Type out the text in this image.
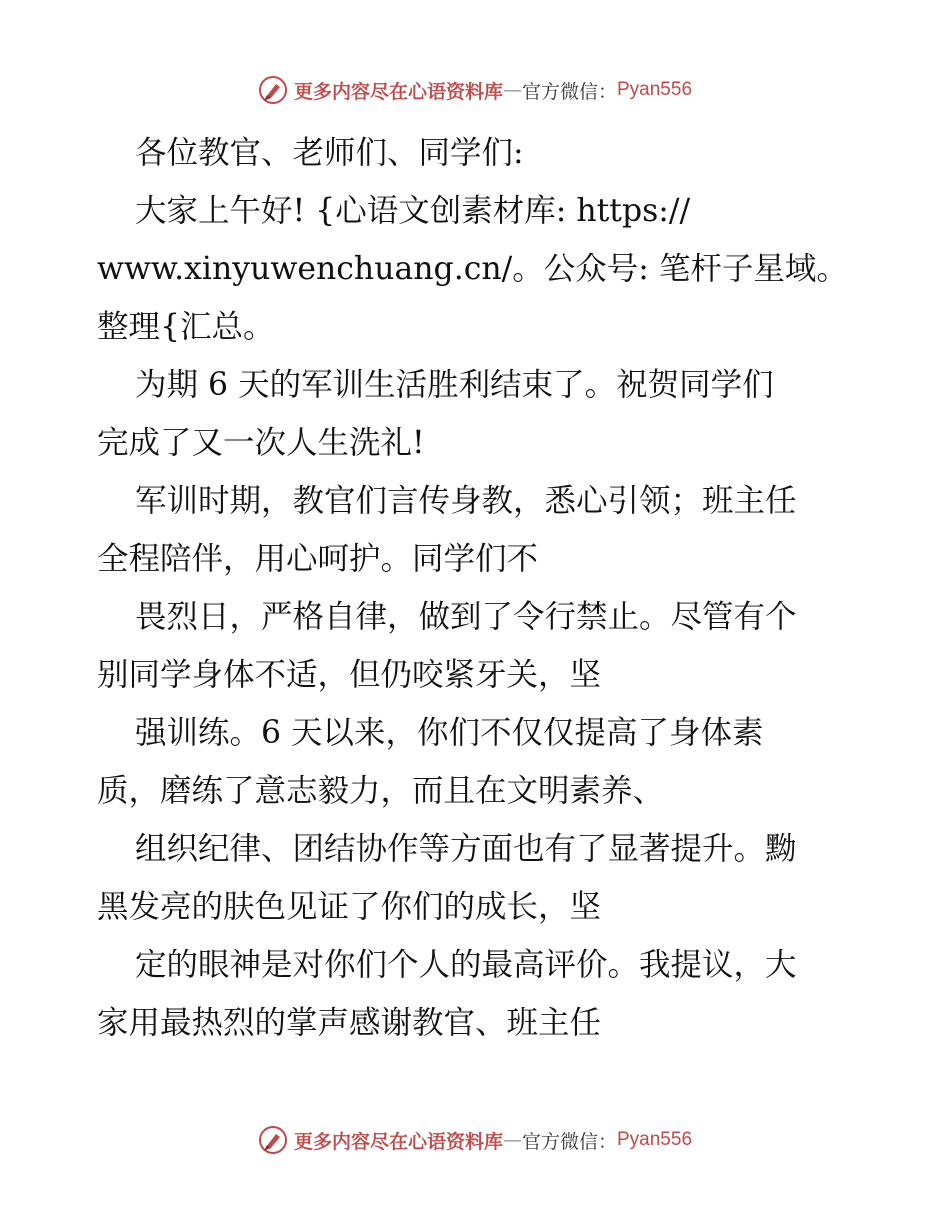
更多内容尽在心语资料库 — 官方微信： Pyan556
各位教官、老师们、同学们:
大家上午好! {心语文创素材库: https://
www.xinyuwenchuang.cn/。公众号: 笔杆子星域。
整理{汇总。
为期 6 天的军训生活胜利结束了。祝贺同学们
完成了又一次人生洗礼!
军训时期，教官们言传身教，悉心引领；班主任
全程陪伴，用心呵护。同学们不
畏烈日，严格自律，做到了令行禁止。尽管有个
别同学身体不适，但仍咬紧牙关，坚
强训练。6 天以来，你们不仅仅提高了身体素
质，磨练了意志毅力，而且在文明素养、
组织纪律、团结协作等方面也有了显著提升。黝
黑发亮的肤色见证了你们的成长，坚
定的眼神是对你们个人的最高评价。我提议，大
家用最热烈的掌声感谢教官、班主任
更多内容尽在心语资料库 — 官方微信： Pyan556
